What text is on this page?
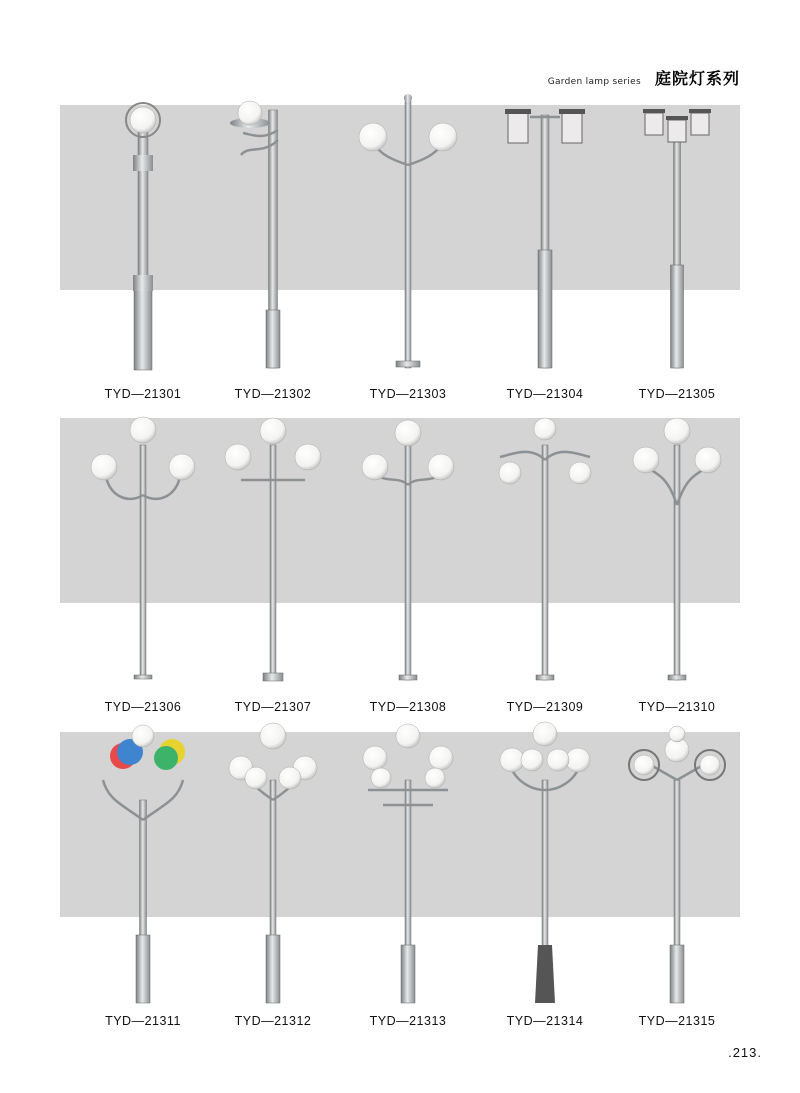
Garden lamp series 庭院灯系列
TYD—21301	TYD—21302	TYD—21303	TYD—21304	TYD—21305
TYD—21306	TYD—21307	TYD—21308	TYD—21309	TYD—21310
TYD—21311	TYD—21312	TYD—21313	TYD—21314	TYD—21315
.213.
